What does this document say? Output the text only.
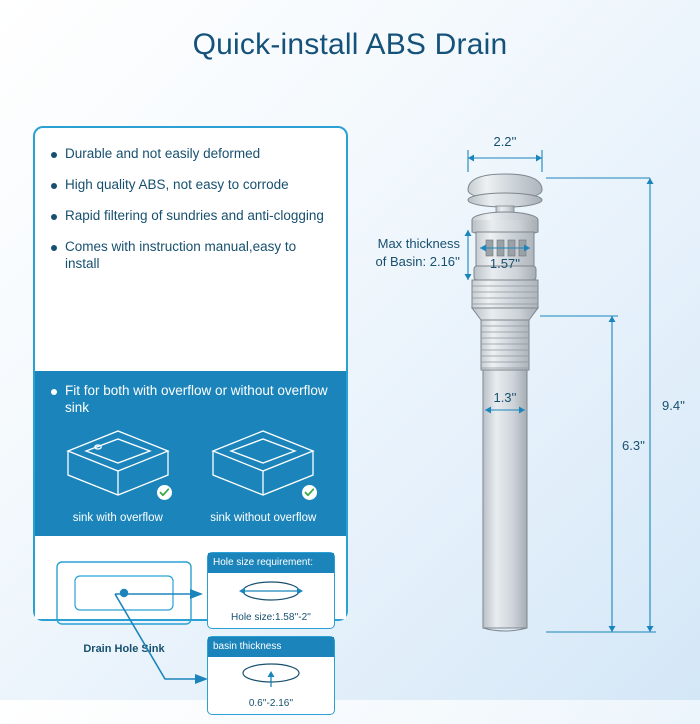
Quick-install ABS Drain
Durable and not easily deformed
High quality ABS, not easy to corrode
Rapid filtering of sundries and anti-clogging
Comes with instruction manual,easy to install
Fit for both with overflow or without overflow sink
sink with overflow	sink without overflow
Drain Hole Sink
Hole size requirement:
Hole size:1.58''-2''
basin thickness
0.6''-2.16''
2.2''
1.57''
Max thickness
of Basin: 2.16''
1.3''
9.4''
6.3''
